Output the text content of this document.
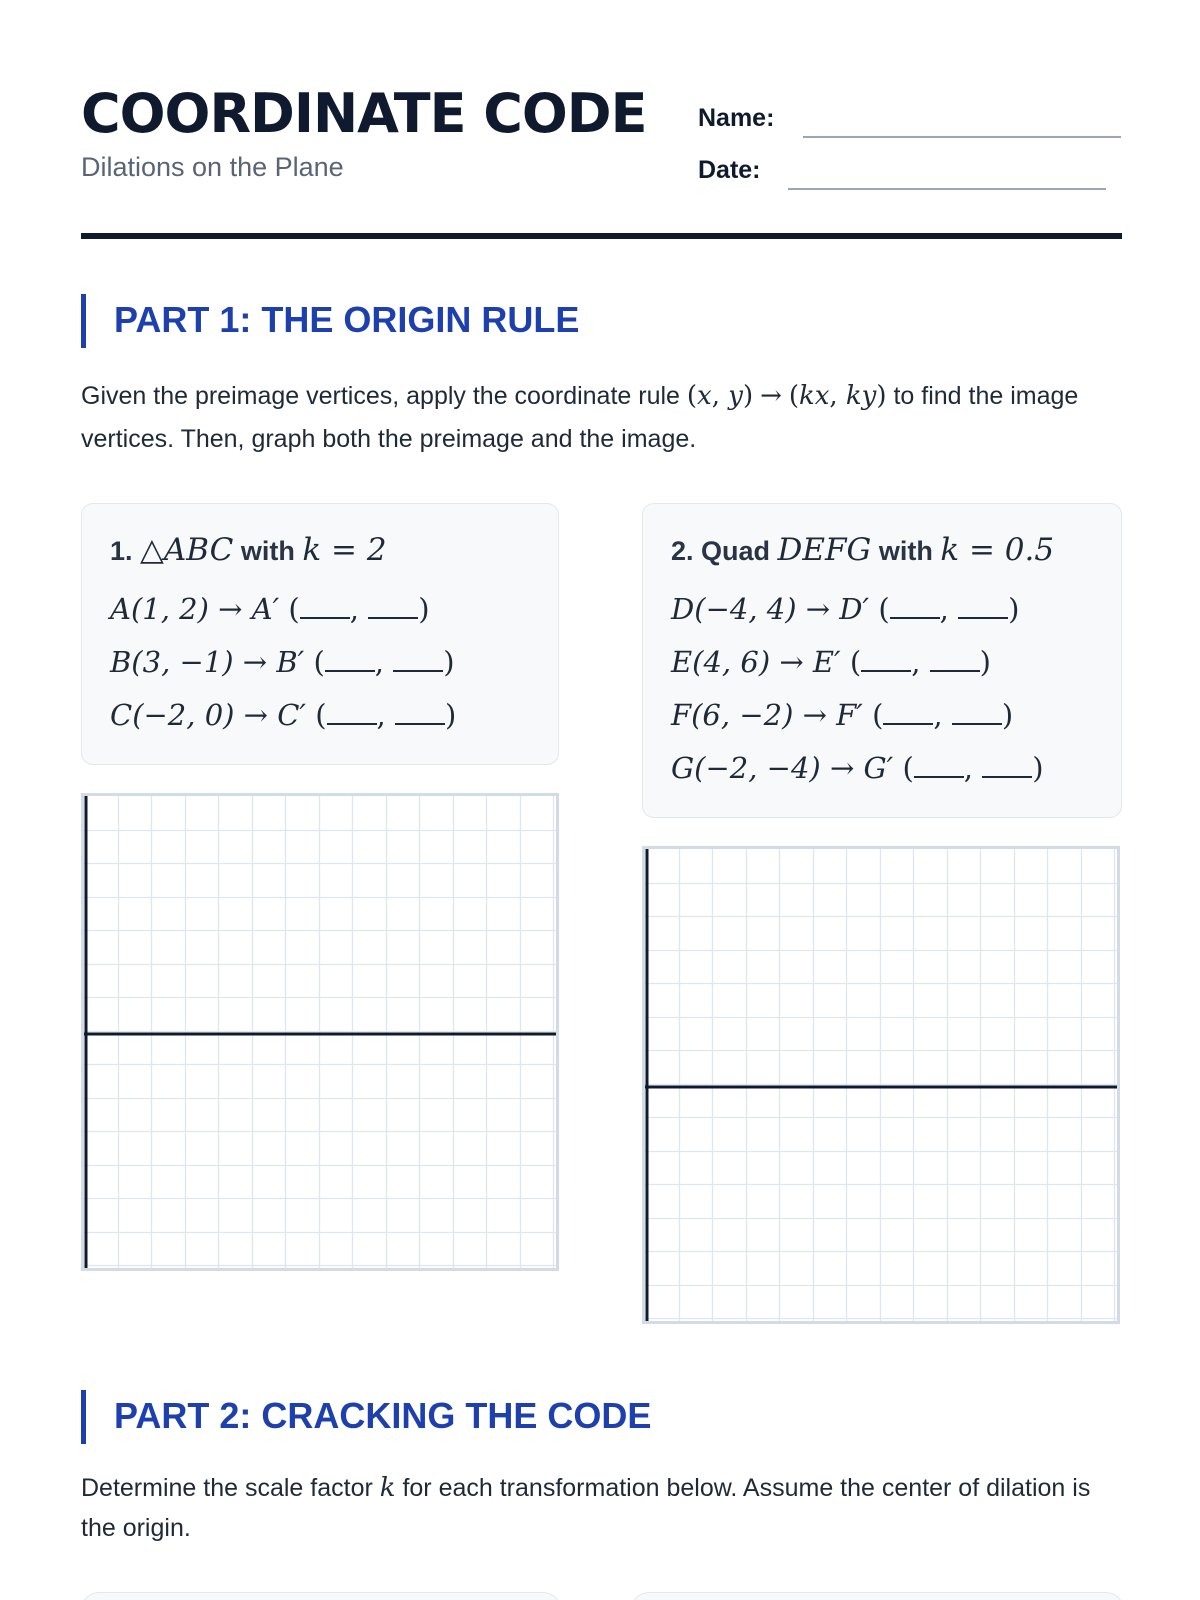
COORDINATE CODE
Dilations on the Plane
Name:
Date:
PART 1: THE ORIGIN RULE
Given the preimage vertices, apply the coordinate rule (x, y) → (kx, ky) to find the image vertices. Then, graph both the preimage and the image.
1. △ABC with k = 2
A(1, 2) → A′ ( , )
B(3, −1) → B′ ( , )
C(−2, 0) → C′ ( , )
2. Quad DEFG with k = 0.5
D(−4, 4) → D′ ( , )
E(4, 6) → E′ ( , )
F(6, −2) → F′ ( , )
G(−2, −4) → G′ ( , )
PART 2: CRACKING THE CODE
Determine the scale factor k for each transformation below. Assume the center of dilation is the origin.
